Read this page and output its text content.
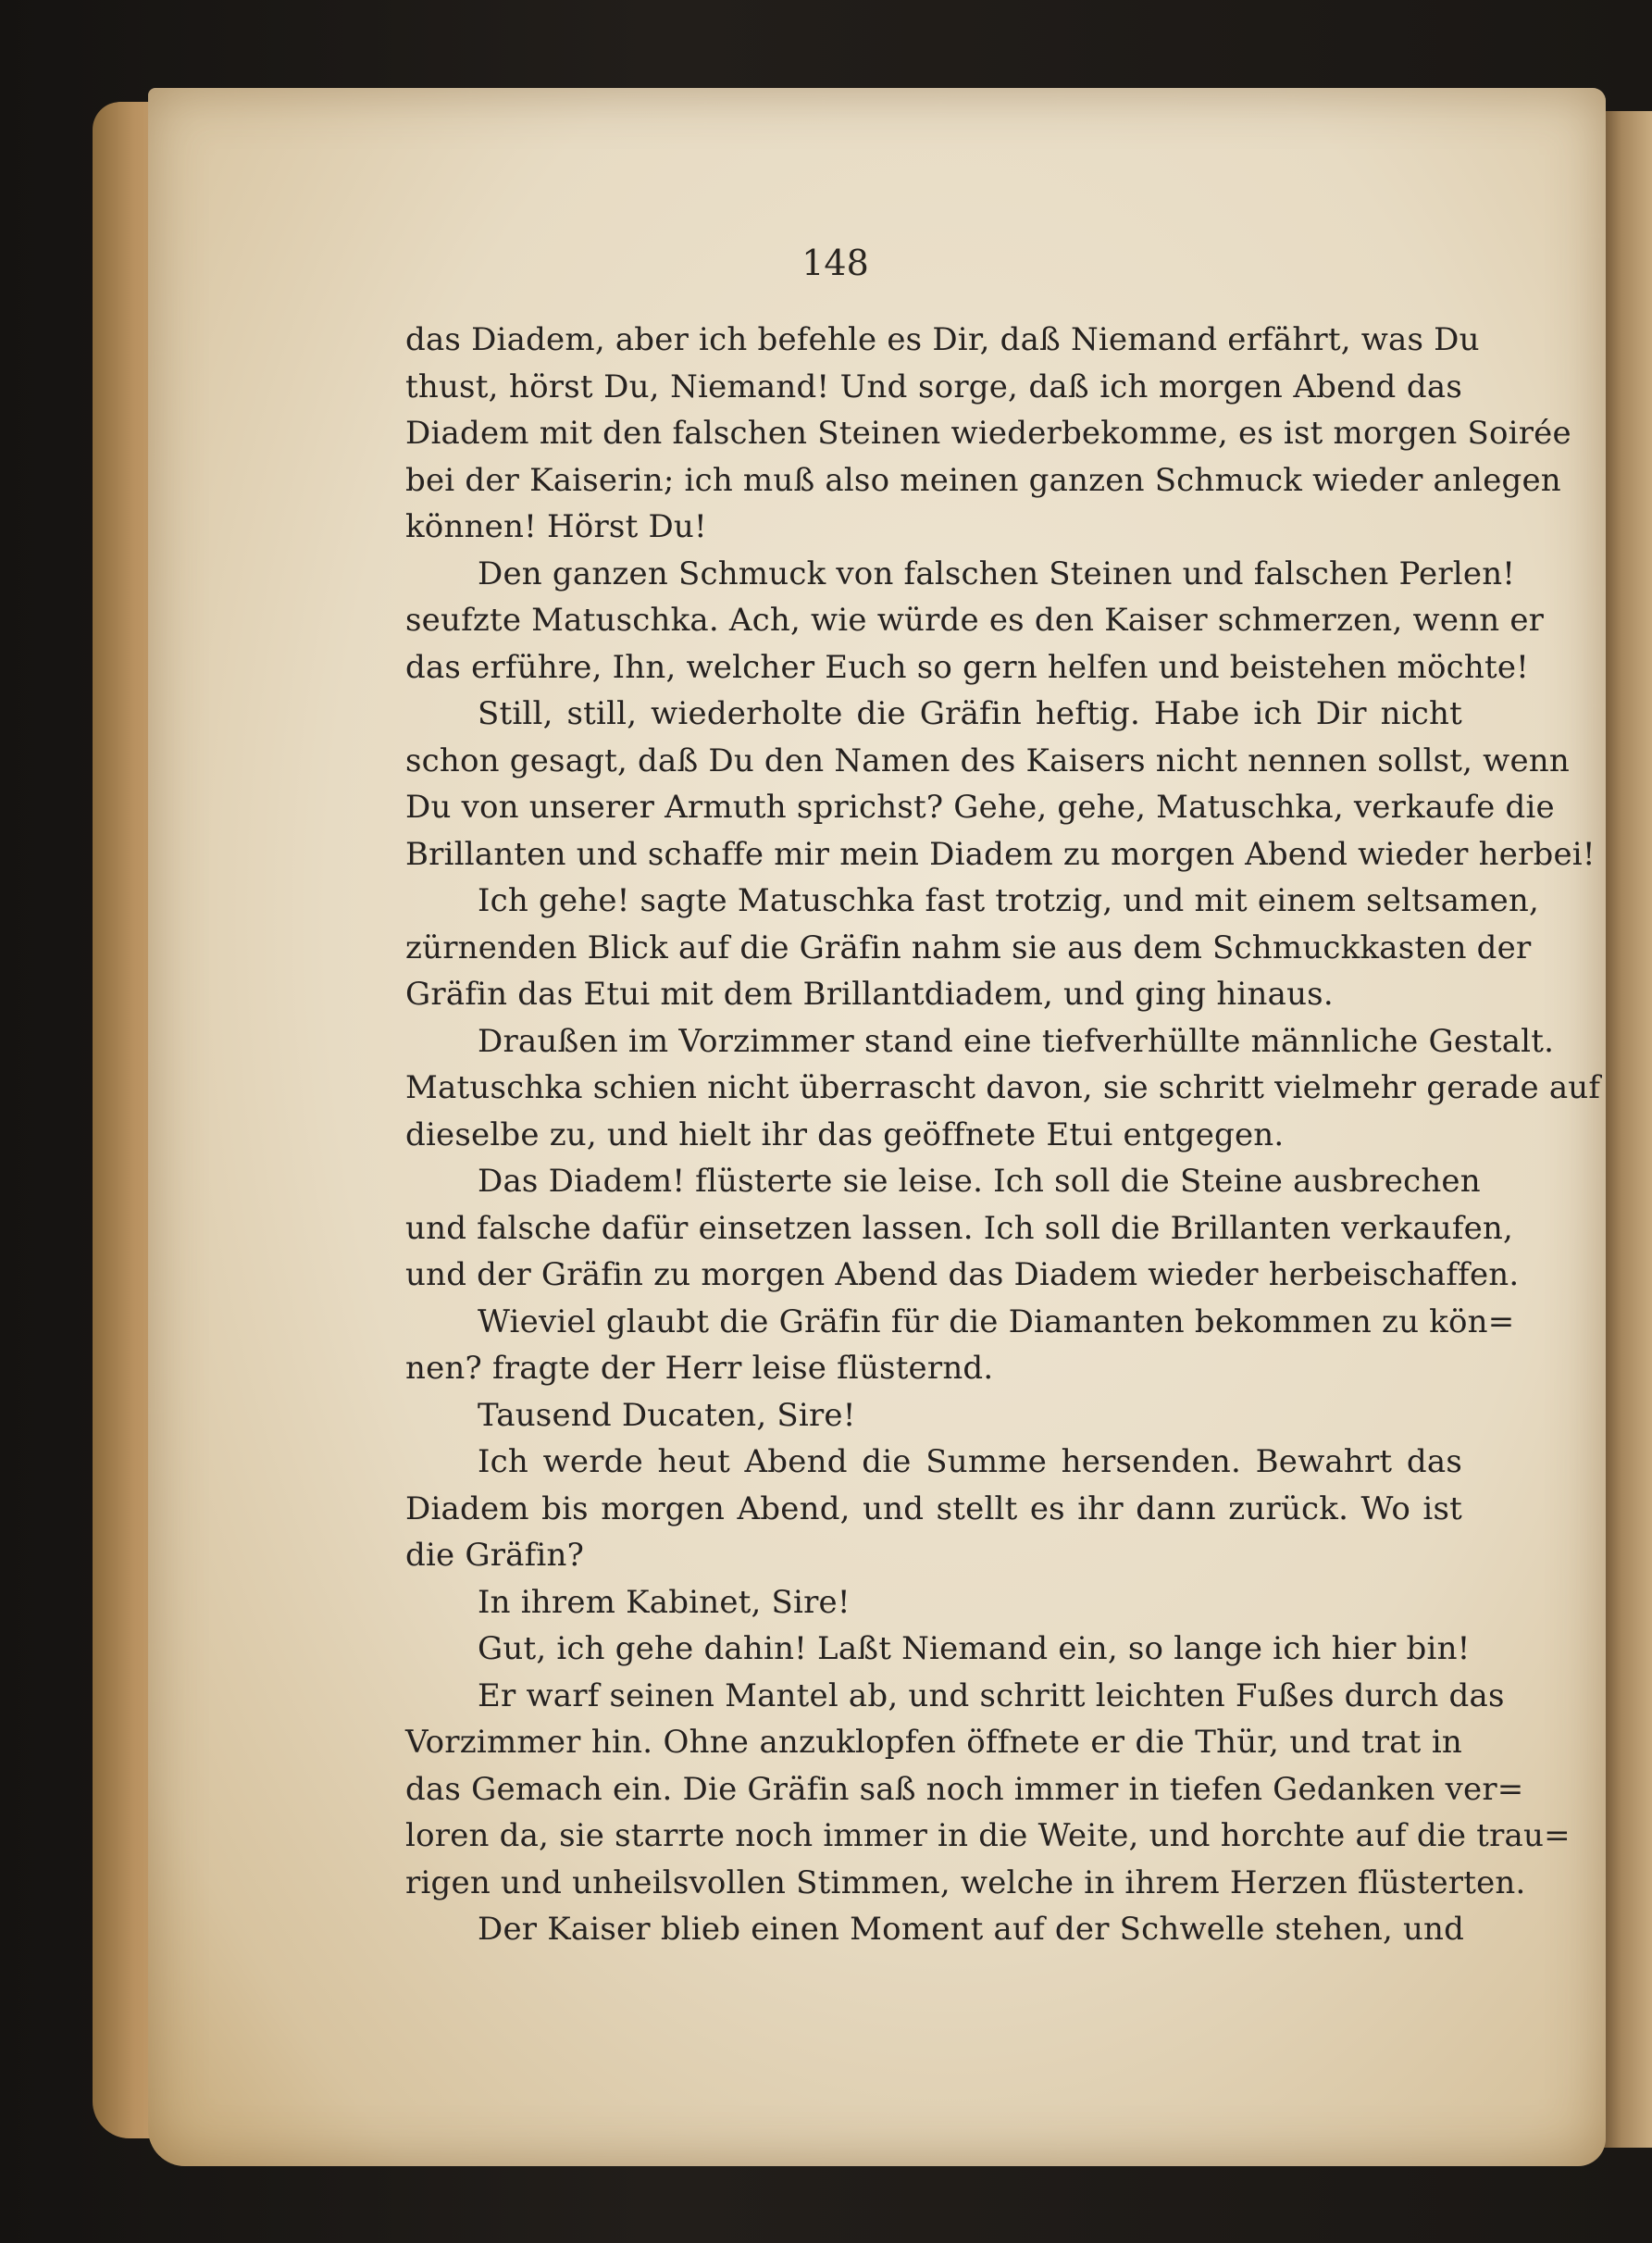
148
das Diadem, aber ich befehle es Dir, daß Niemand erfährt, was Du
thust, hörst Du, Niemand! Und sorge, daß ich morgen Abend das
Diadem mit den falschen Steinen wiederbekomme, es ist morgen Soirée
bei der Kaiserin; ich muß also meinen ganzen Schmuck wieder anlegen
können! Hörst Du!
Den ganzen Schmuck von falschen Steinen und falschen Perlen!
seufzte Matuschka. Ach, wie würde es den Kaiser schmerzen, wenn er
das erführe, Ihn, welcher Euch so gern helfen und beistehen möchte!
Still, still, wiederholte die Gräfin heftig. Habe ich Dir nicht
schon gesagt, daß Du den Namen des Kaisers nicht nennen sollst, wenn
Du von unserer Armuth sprichst? Gehe, gehe, Matuschka, verkaufe die
Brillanten und schaffe mir mein Diadem zu morgen Abend wieder herbei!
Ich gehe! sagte Matuschka fast trotzig, und mit einem seltsamen,
zürnenden Blick auf die Gräfin nahm sie aus dem Schmuckkasten der
Gräfin das Etui mit dem Brillantdiadem, und ging hinaus.
Draußen im Vorzimmer stand eine tiefverhüllte männliche Gestalt.
Matuschka schien nicht überrascht davon, sie schritt vielmehr gerade auf
dieselbe zu, und hielt ihr das geöffnete Etui entgegen.
Das Diadem! flüsterte sie leise. Ich soll die Steine ausbrechen
und falsche dafür einsetzen lassen. Ich soll die Brillanten verkaufen,
und der Gräfin zu morgen Abend das Diadem wieder herbeischaffen.
Wieviel glaubt die Gräfin für die Diamanten bekommen zu kön=
nen? fragte der Herr leise flüsternd.
Tausend Ducaten, Sire!
Ich werde heut Abend die Summe hersenden. Bewahrt das
Diadem bis morgen Abend, und stellt es ihr dann zurück. Wo ist
die Gräfin?
In ihrem Kabinet, Sire!
Gut, ich gehe dahin! Laßt Niemand ein, so lange ich hier bin!
Er warf seinen Mantel ab, und schritt leichten Fußes durch das
Vorzimmer hin. Ohne anzuklopfen öffnete er die Thür, und trat in
das Gemach ein. Die Gräfin saß noch immer in tiefen Gedanken ver=
loren da, sie starrte noch immer in die Weite, und horchte auf die trau=
rigen und unheilsvollen Stimmen, welche in ihrem Herzen flüsterten.
Der Kaiser blieb einen Moment auf der Schwelle stehen, und
